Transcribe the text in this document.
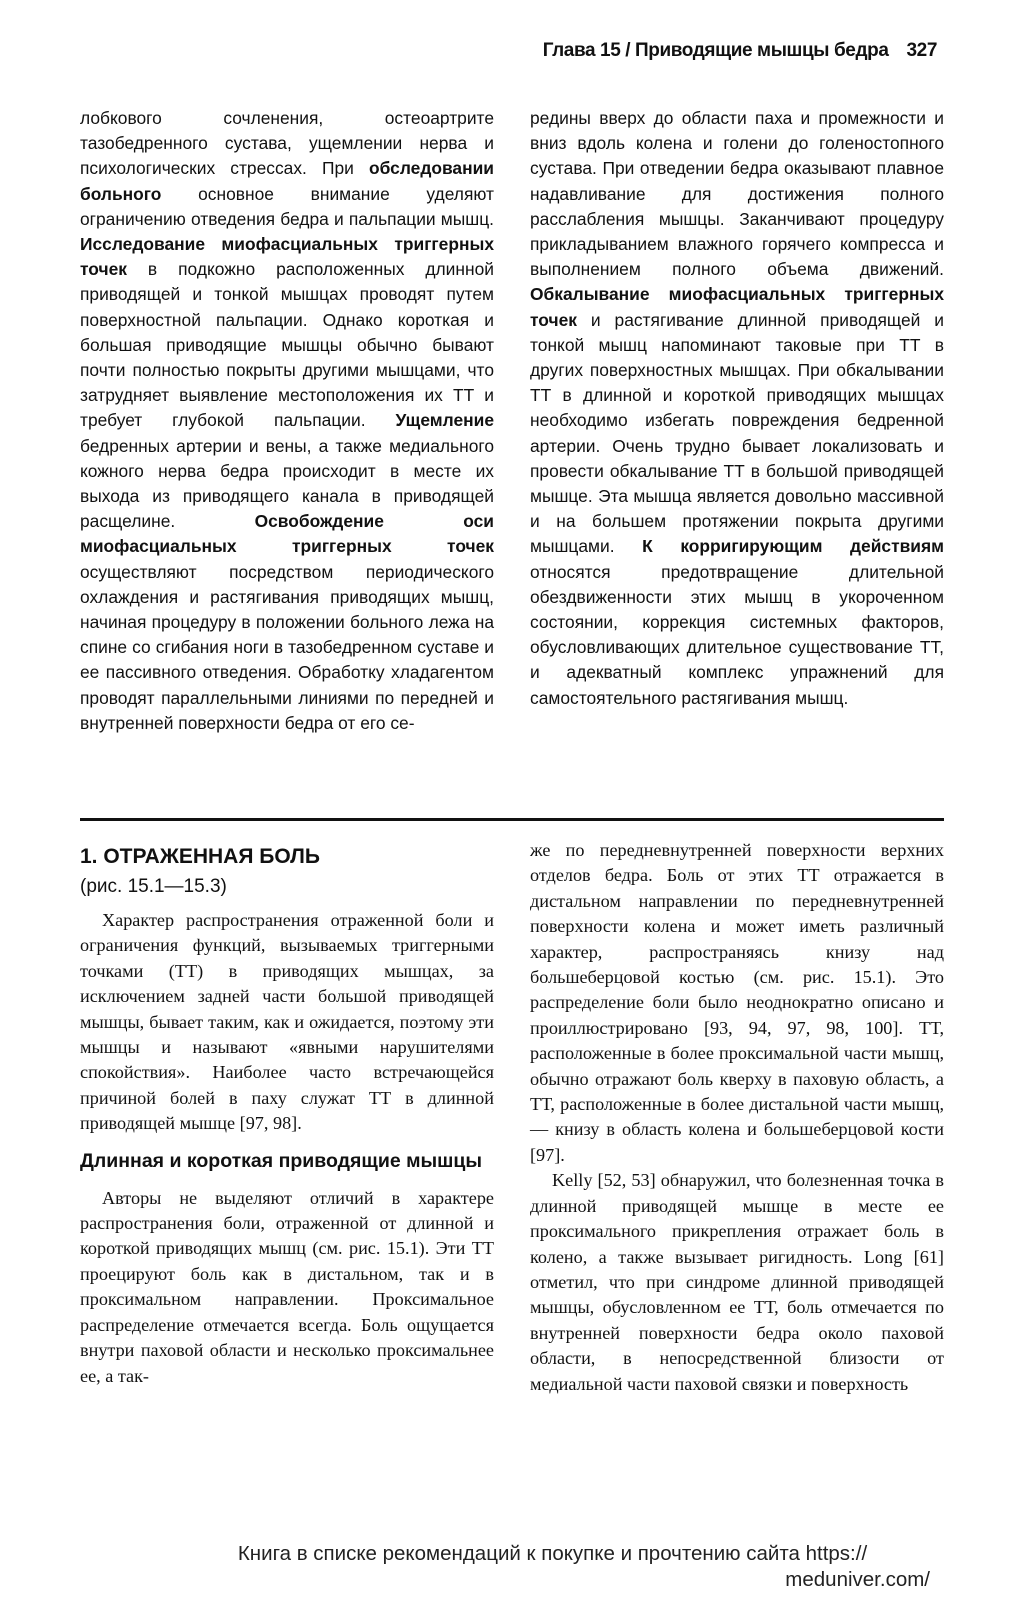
Глава 15 / Приводящие мышцы бедра 327

лобкового сочленения, остеоартрите тазобедренного сустава, ущемлении нерва и психологических стрессах. При обследовании больного основное внимание уделяют ограничению отведения бедра и пальпации мышц. Исследование миофасциальных триггерных точек в подкожно расположенных длинной приводящей и тонкой мышцах проводят путем поверхностной пальпации. Однако короткая и большая приводящие мышцы обычно бывают почти полностью покрыты другими мышцами, что затрудняет выявление местоположения их ТТ и требует глубокой пальпации. Ущемление бедренных артерии и вены, а также медиального кожного нерва бедра происходит в месте их выхода из приводящего канала в приводящей расщелине. Освобождение оси миофасциальных триггерных точек осуществляют посредством периодического охлаждения и растягивания приводящих мышц, начиная процедуру в положении больного лежа на спине со сгибания ноги в тазобедренном суставе и ее пассивного отведения. Обработку хладагентом проводят параллельными линиями по передней и внутренней поверхности бедра от его се-

редины вверх до области паха и промежности и вниз вдоль колена и голени до голеностопного сустава. При отведении бедра оказывают плавное надавливание для достижения полного расслабления мышцы. Заканчивают процедуру прикладыванием влажного горячего компресса и выполнением полного объема движений. Обкалывание миофасциальных триггерных точек и растягивание длинной приводящей и тонкой мышц напоминают таковые при ТТ в других поверхностных мышцах. При обкалывании ТТ в длинной и короткой приводящих мышцах необходимо избегать повреждения бедренной артерии. Очень трудно бывает локализовать и провести обкалывание ТТ в большой приводящей мышце. Эта мышца является довольно массивной и на большем протяжении покрыта другими мышцами. К корригирующим действиям относятся предотвращение длительной обездвиженности этих мышц в укороченном состоянии, коррекция системных факторов, обусловливающих длительное существование ТТ, и адекватный комплекс упражнений для самостоятельного растягивания мышц.

1. ОТРАЖЕННАЯ БОЛЬ
(рис. 15.1—15.3)

Характер распространения отраженной боли и ограничения функций, вызываемых триггерными точками (ТТ) в приводящих мышцах, за исключением задней части большой приводящей мышцы, бывает таким, как и ожидается, поэтому эти мышцы и называют «явными нарушителями спокойствия». Наиболее часто встречающейся причиной болей в паху служат ТТ в длинной приводящей мышце [97, 98].

Длинная и короткая приводящие мышцы

Авторы не выделяют отличий в характере распространения боли, отраженной от длинной и короткой приводящих мышц (см. рис. 15.1). Эти ТТ проецируют боль как в дистальном, так и в проксимальном направлении. Проксимальное распределение отмечается всегда. Боль ощущается внутри паховой области и несколько проксимальнее ее, а так-

же по передневнутренней поверхности верхних отделов бедра. Боль от этих ТТ отражается в дистальном направлении по передневнутренней поверхности колена и может иметь различный характер, распространяясь книзу над большеберцовой костью (см. рис. 15.1). Это распределение боли было неоднократно описано и проиллюстрировано [93, 94, 97, 98, 100]. ТТ, расположенные в более проксимальной части мышц, обычно отражают боль кверху в паховую область, а ТТ, расположенные в более дистальной части мышц,— книзу в область колена и большеберцовой кости [97].

Kelly [52, 53] обнаружил, что болезненная точка в длинной приводящей мышце в месте ее проксимального прикрепления отражает боль в колено, а также вызывает ригидность. Long [61] отметил, что при синдроме длинной приводящей мышцы, обусловленном ее ТТ, боль отмечается по внутренней поверхности бедра около паховой области, в непосредственной близости от медиальной части паховой связки и поверхность

Книга в списке рекомендаций к покупке и прочтению сайта https://
meduniver.com/
